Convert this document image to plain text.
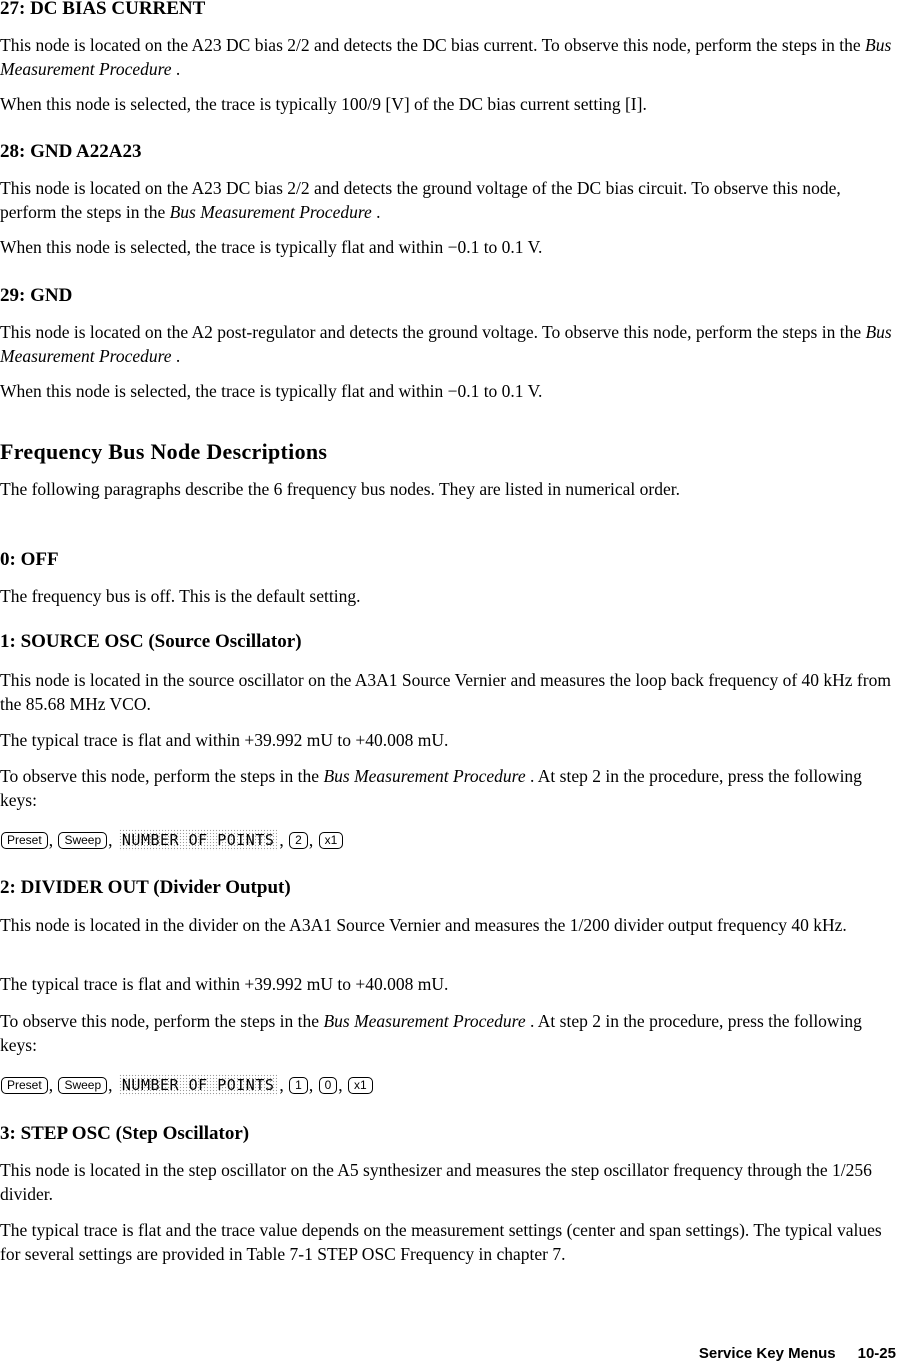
27: DC BIAS CURRENT
This node is located on the A23 DC bias 2/2 and detects the DC bias current. To observe this node, perform the steps in the Bus Measurement Procedure .
When this node is selected, the trace is typically 100/9 [V] of the DC bias current setting [I].
28: GND A22A23
This node is located on the A23 DC bias 2/2 and detects the ground voltage of the DC bias circuit. To observe this node, perform the steps in the Bus Measurement Procedure .
When this node is selected, the trace is typically flat and within −0.1 to 0.1 V.
29: GND
This node is located on the A2 post-regulator and detects the ground voltage. To observe this node, perform the steps in the Bus Measurement Procedure .
When this node is selected, the trace is typically flat and within −0.1 to 0.1 V.
Frequency Bus Node Descriptions
The following paragraphs describe the 6 frequency bus nodes. They are listed in numerical order.
0: OFF
The frequency bus is off. This is the default setting.
1: SOURCE OSC (Source Oscillator)
This node is located in the source oscillator on the A3A1 Source Vernier and measures the loop back frequency of 40 kHz from the 85.68 MHz VCO.
The typical trace is flat and within +39.992 mU to +40.008 mU.
To observe this node, perform the steps in the Bus Measurement Procedure . At step 2 in the procedure, press the following keys:
Preset , Sweep , NUMBER OF POINTS , 2 , x1
2: DIVIDER OUT (Divider Output)
This node is located in the divider on the A3A1 Source Vernier and measures the 1/200 divider output frequency 40 kHz.
The typical trace is flat and within +39.992 mU to +40.008 mU.
To observe this node, perform the steps in the Bus Measurement Procedure . At step 2 in the procedure, press the following keys:
Preset , Sweep , NUMBER OF POINTS , 1 , 0 , x1
3: STEP OSC (Step Oscillator)
This node is located in the step oscillator on the A5 synthesizer and measures the step oscillator frequency through the 1/256 divider.
The typical trace is flat and the trace value depends on the measurement settings (center and span settings). The typical values for several settings are provided in Table 7-1 STEP OSC Frequency in chapter 7.
Service Key Menus 10-25
